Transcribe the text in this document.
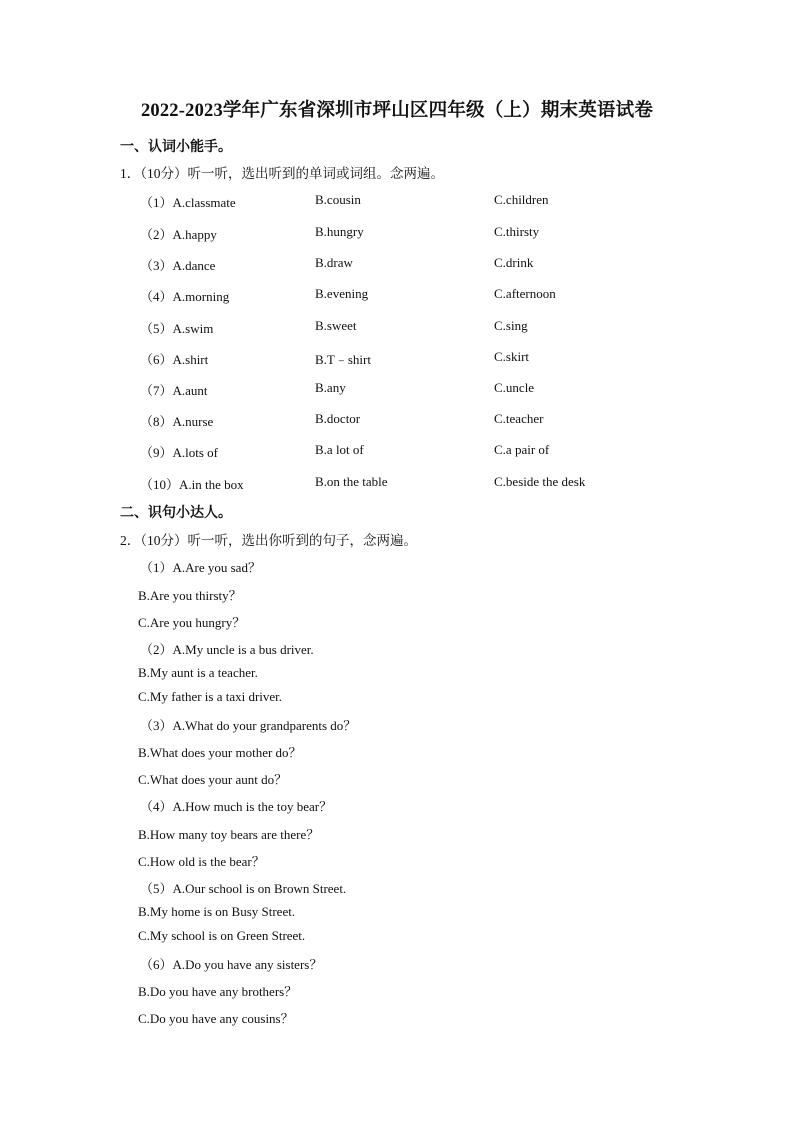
2022-2023学年广东省深圳市坪山区四年级（上）期末英语试卷
一、认词小能手。
1．（10分）听一听，选出听到的单词或词组。念两遍。
（1）A.classmate	B.cousin	C.children
（2）A.happy	B.hungry	C.thirsty
（3）A.dance	B.draw	C.drink
（4）A.morning	B.evening	C.afternoon
（5）A.swim	B.sweet	C.sing
（6）A.shirt	B.T﹣shirt	C.skirt
（7）A.aunt	B.any	C.uncle
（8）A.nurse	B.doctor	C.teacher
（9）A.lots of	B.a lot of	C.a pair of
（10）A.in the box	B.on the table	C.beside the desk
二、识句小达人。
2．（10分）听一听，选出你听到的句子，念两遍。
（1）A.Are you sad？
B.Are you thirsty？
C.Are you hungry？
（2）A.My uncle is a bus driver.
B.My aunt is a teacher.
C.My father is a taxi driver.
（3）A.What do your grandparents do？
B.What does your mother do？
C.What does your aunt do？
（4）A.How much is the toy bear？
B.How many toy bears are there？
C.How old is the bear？
（5）A.Our school is on Brown Street.
B.My home is on Busy Street.
C.My school is on Green Street.
（6）A.Do you have any sisters？
B.Do you have any brothers？
C.Do you have any cousins？
